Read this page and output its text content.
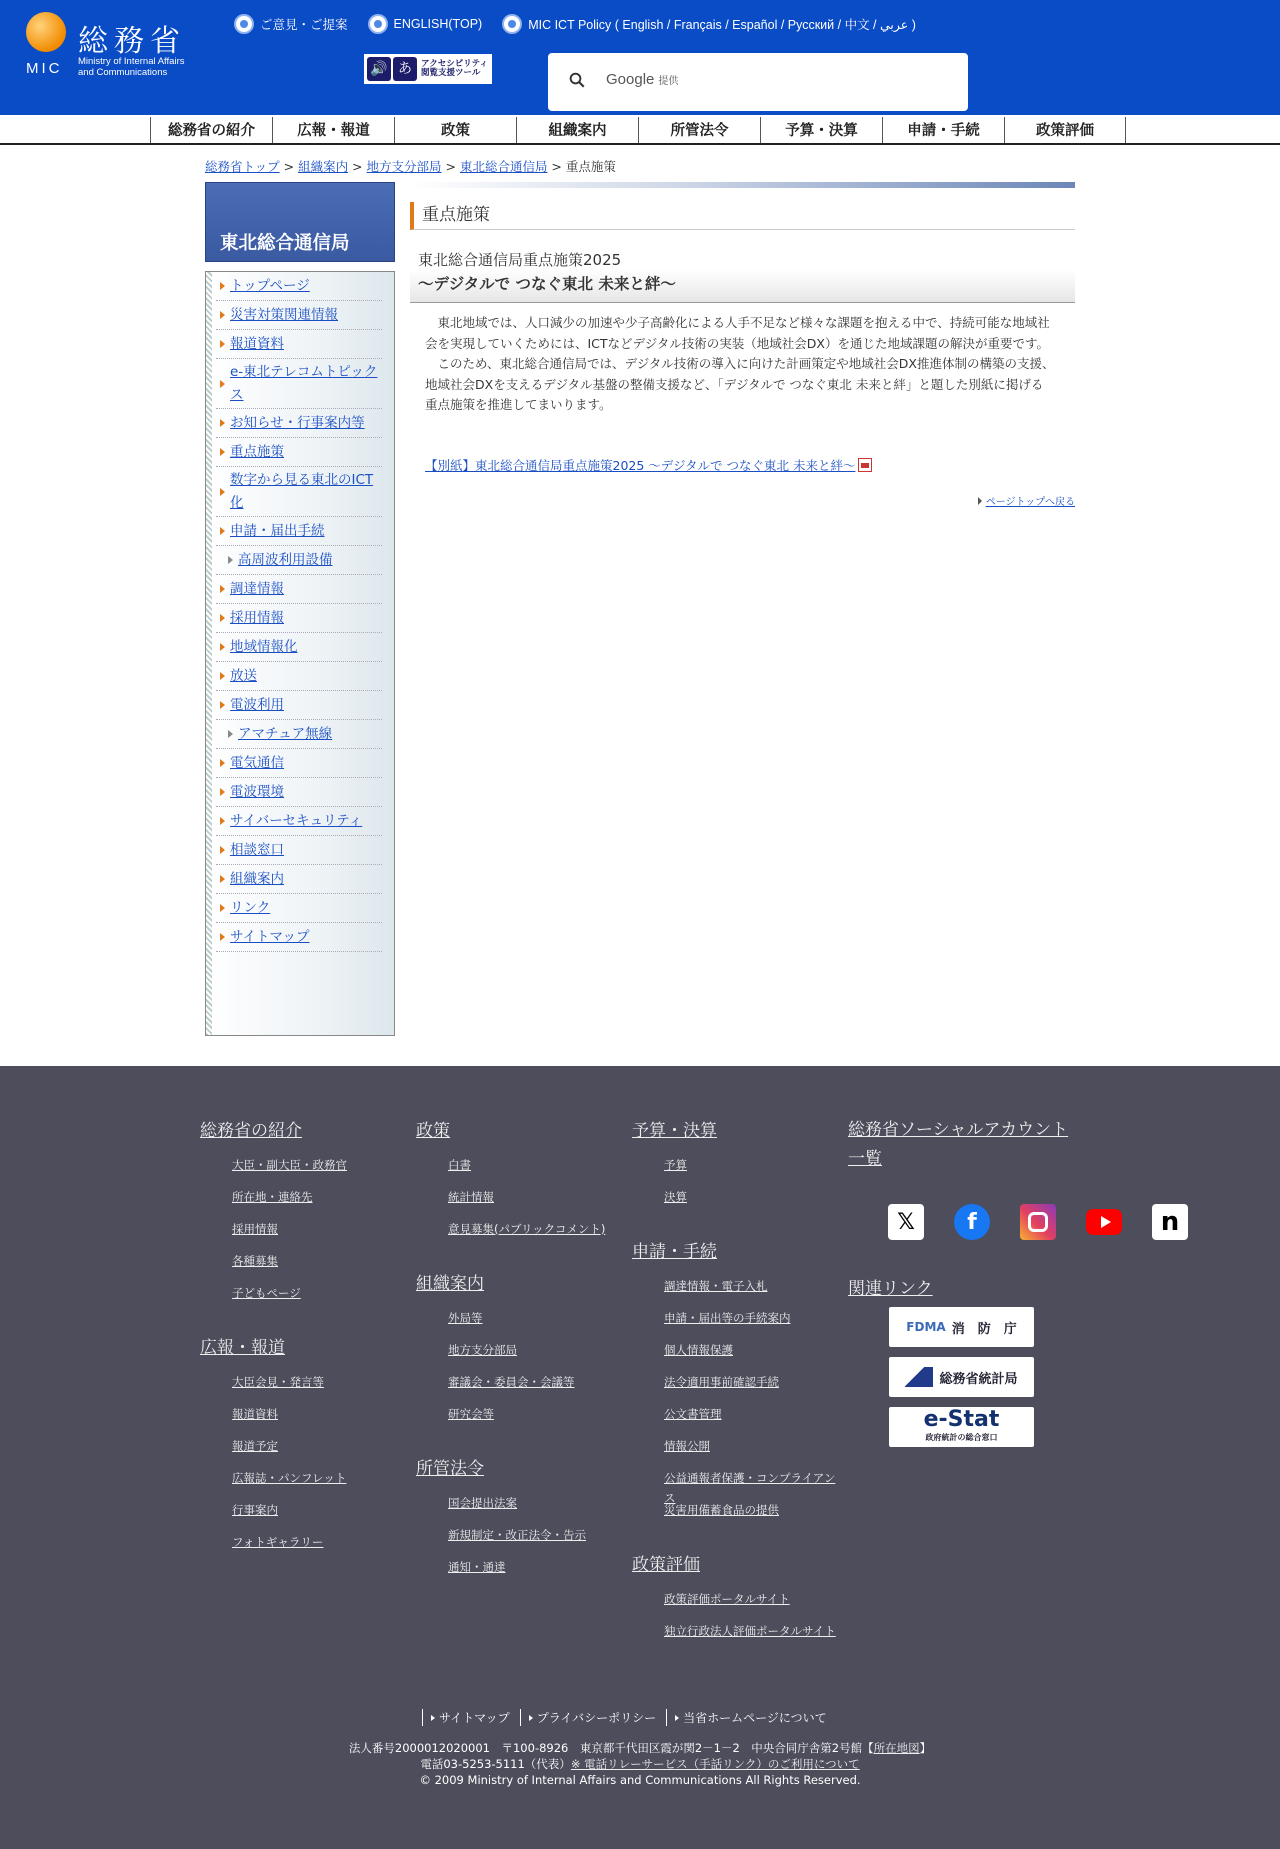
MIC
総務省
Ministry of Internal Affairs
and Communications
ご意見・ご提案	ENGLISH(TOP)	MIC ICT Policy ( English / Français / Español / Русский / 中文 / عربي )
🔊 あ	アクセシビリティ
閲覧支援ツール	Google 提供
総務省の紹介	広報・報道	政策	組織案内	所管法令	予算・決算	申請・手続	政策評価
総務省トップ > 組織案内 > 地方支分部局 > 東北総合通信局 > 重点施策
東北総合通信局
トップページ
災害対策関連情報
報道資料
e-東北テレコムトピックス
お知らせ・行事案内等
重点施策
数字から見る東北のICT化
申請・届出手続
高周波利用設備
調達情報
採用情報
地域情報化
放送
電波利用
アマチュア無線
電気通信
電波環境
サイバーセキュリティ
相談窓口
組織案内
リンク
サイトマップ
重点施策
東北総合通信局重点施策2025
～デジタルで つなぐ東北 未来と絆～

東北地域では、人口減少の加速や少子高齢化による人手不足など様々な課題を抱える中で、持続可能な地域社会を実現していくためには、ICTなどデジタル技術の実装（地域社会DX）を通じた地域課題の解決が重要です。

このため、東北総合通信局では、デジタル技術の導入に向けた計画策定や地域社会DX推進体制の構築の支援、地域社会DXを支えるデジタル基盤の整備支援など、「デジタルで つなぐ東北 未来と絆」と題した別紙に掲げる重点施策を推進してまいります。

【別紙】東北総合通信局重点施策2025 ～デジタルで つなぐ東北 未来と絆～
ページトップへ戻る
総務省の紹介
大臣・副大臣・政務官
所在地・連絡先
採用情報
各種募集
子どもページ
広報・報道
大臣会見・発言等
報道資料
報道予定
広報誌・パンフレット
行事案内
フォトギャラリー
政策
白書
統計情報
意見募集(パブリックコメント)
組織案内
外局等
地方支分部局
審議会・委員会・会議等
研究会等
所管法令
国会提出法案
新規制定・改正法令・告示
通知・通達
予算・決算
予算
決算
申請・手続
調達情報・電子入札
申請・届出等の手続案内
個人情報保護
法令適用事前確認手続
公文書管理
情報公開
公益通報者保護・コンプライアンス
災害用備蓄食品の提供
政策評価
政策評価ポータルサイト
独立行政法人評価ポータルサイト
総務省ソーシャルアカウント一覧
𝕏	f	n
関連リンク
FDMA 消　防　庁
総務省統計局
e-Stat
政府統計の総合窓口
サイトマップ	プライバシーポリシー	当省ホームページについて
法人番号2000012020001　〒100-8926　東京都千代田区霞が関2－1－2　中央合同庁舎第2号館【所在地図】
電話03-5253-5111（代表）※ 電話リレーサービス（手話リンク）のご利用について
© 2009 Ministry of Internal Affairs and Communications All Rights Reserved.
